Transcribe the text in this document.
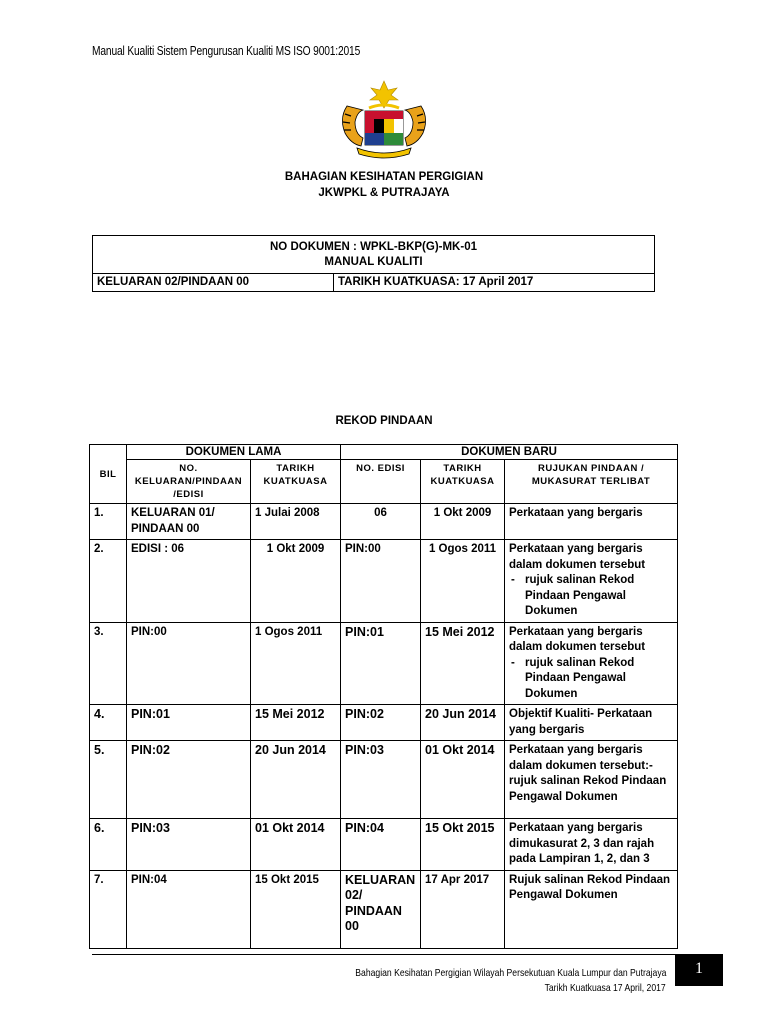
Manual Kualiti Sistem Pengurusan Kualiti MS ISO 9001:2015
BAHAGIAN KESIHATAN PERGIGIAN
JKWPKL & PUTRAJAYA
NO DOKUMEN : WPKL-BKP(G)-MK-01
MANUAL KUALITI
KELUARAN 02/PINDAAN 00	TARIKH KUATKUASA: 17 April 2017
REKOD PINDAAN
BIL	DOKUMEN LAMA		DOKUMEN BARU		
	NO. KELUARAN/PINDAAN /EDISI	TARIKH KUATKUASA	NO. EDISI	TARIKH KUATKUASA	RUJUKAN PINDAAN / MUKASURAT TERLIBAT
1.	KELUARAN 01/ PINDAAN 00	1 Julai 2008	06	1 Okt 2009	Perkataan yang bergaris
2.	EDISI : 06	1 Okt 2009	PIN:00	1 Ogos 2011	Perkataan yang bergaris dalam dokumen tersebut
- rujuk salinan Rekod Pindaan Pengawal Dokumen

3.	PIN:00	1 Ogos 2011	PIN:01	15 Mei 2012	Perkataan yang bergaris dalam dokumen tersebut
- rujuk salinan Rekod Pindaan Pengawal Dokumen

4.	PIN:01	15 Mei 2012	PIN:02	20 Jun 2014	Objektif Kualiti- Perkataan yang bergaris
5.	PIN:02	20 Jun 2014	PIN:03	01 Okt 2014	Perkataan yang bergaris dalam dokumen tersebut:- rujuk salinan Rekod Pindaan Pengawal Dokumen
6.	PIN:03	01 Okt 2014	PIN:04	15 Okt 2015	Perkataan yang bergaris dimukasurat 2, 3 dan rajah pada Lampiran 1, 2, dan 3
7.	PIN:04	15 Okt 2015	KELUARAN 02/ PINDAAN 00	17 Apr 2017	Rujuk salinan Rekod Pindaan Pengawal Dokumen
Bahagian Kesihatan Pergigian Wilayah Persekutuan Kuala Lumpur dan Putrajaya
Tarikh Kuatkuasa 17 April, 2017
1
